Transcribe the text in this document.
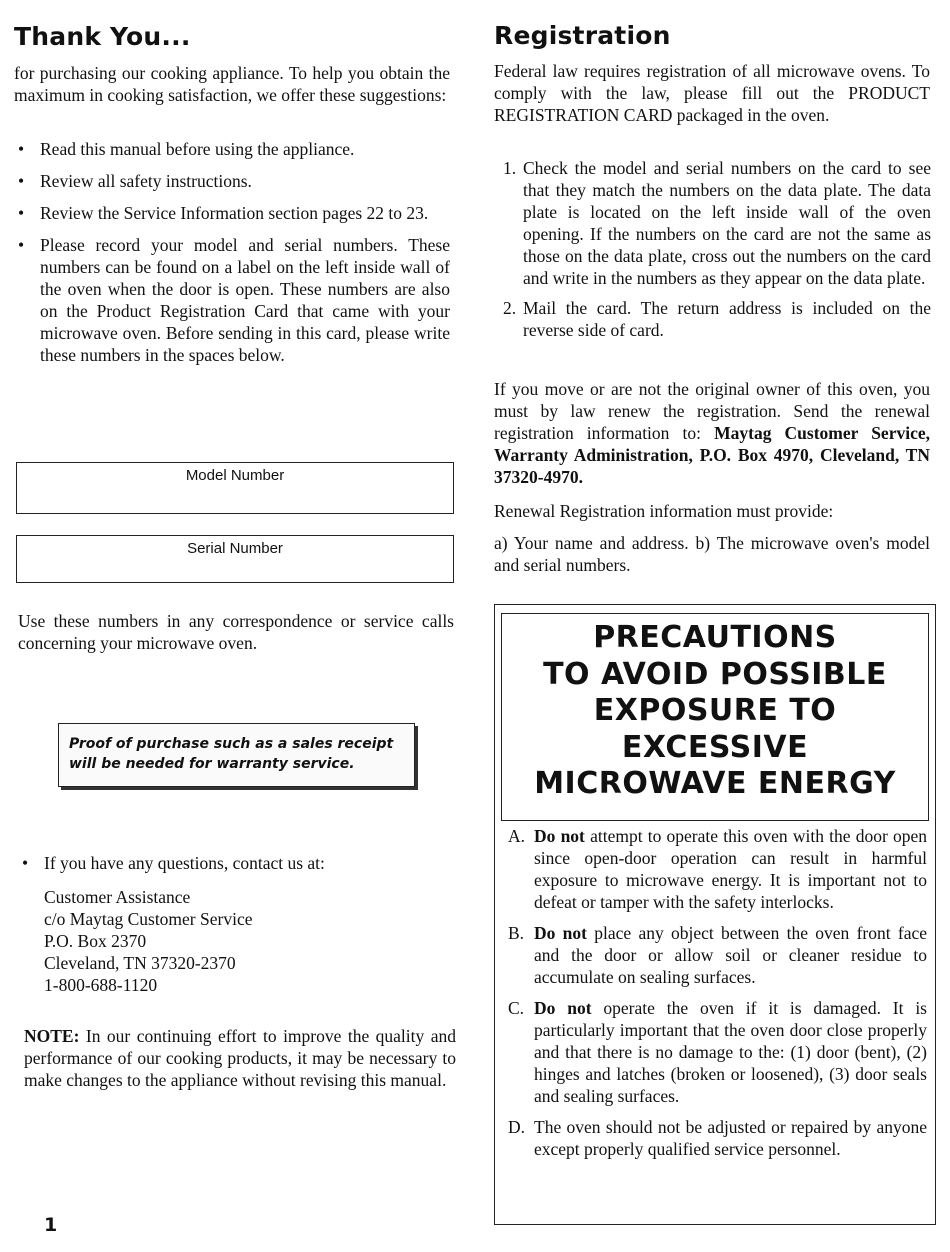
Thank You...
for purchasing our cooking appliance. To help you obtain the maximum in cooking satisfaction, we offer these suggestions:
• Read this manual before using the appliance.
• Review all safety instructions.
• Review the Service Information section pages 22 to 23.
• Please record your model and serial numbers. These numbers can be found on a label on the left inside wall of the oven when the door is open. These numbers are also on the Product Registration Card that came with your microwave oven. Before sending in this card, please write these numbers in the spaces below.
Model Number
Serial Number
Use these numbers in any correspondence or service calls concerning your microwave oven.
Proof of purchase such as a sales receipt will be needed for warranty service.
• If you have any questions, contact us at:
Customer Assistance
c/o Maytag Customer Service
P.O. Box 2370
Cleveland, TN 37320-2370
1-800-688-1120
NOTE: In our continuing effort to improve the quality and performance of our cooking products, it may be necessary to make changes to the appliance without revising this manual.
1
Registration
Federal law requires registration of all microwave ovens. To comply with the law, please fill out the PRODUCT REGISTRATION CARD packaged in the oven.
1. Check the model and serial numbers on the card to see that they match the numbers on the data plate. The data plate is located on the left inside wall of the oven opening. If the numbers on the card are not the same as those on the data plate, cross out the numbers on the card and write in the numbers as they appear on the data plate.
2. Mail the card. The return address is included on the reverse side of card.
If you move or are not the original owner of this oven, you must by law renew the registration. Send the renewal registration information to: Maytag Customer Service, Warranty Administration, P.O. Box 4970, Cleveland, TN 37320-4970.
Renewal Registration information must provide:
a) Your name and address. b) The microwave oven's model and serial numbers.
PRECAUTIONS
TO AVOID POSSIBLE
EXPOSURE TO
EXCESSIVE
MICROWAVE ENERGY
A. Do not attempt to operate this oven with the door open since open-door operation can result in harmful exposure to microwave energy. It is important not to defeat or tamper with the safety interlocks.
B. Do not place any object between the oven front face and the door or allow soil or cleaner residue to accumulate on sealing surfaces.
C. Do not operate the oven if it is damaged. It is particularly important that the oven door close properly and that there is no damage to the: (1) door (bent), (2) hinges and latches (broken or loosened), (3) door seals and sealing surfaces.
D. The oven should not be adjusted or repaired by anyone except properly qualified service personnel.
